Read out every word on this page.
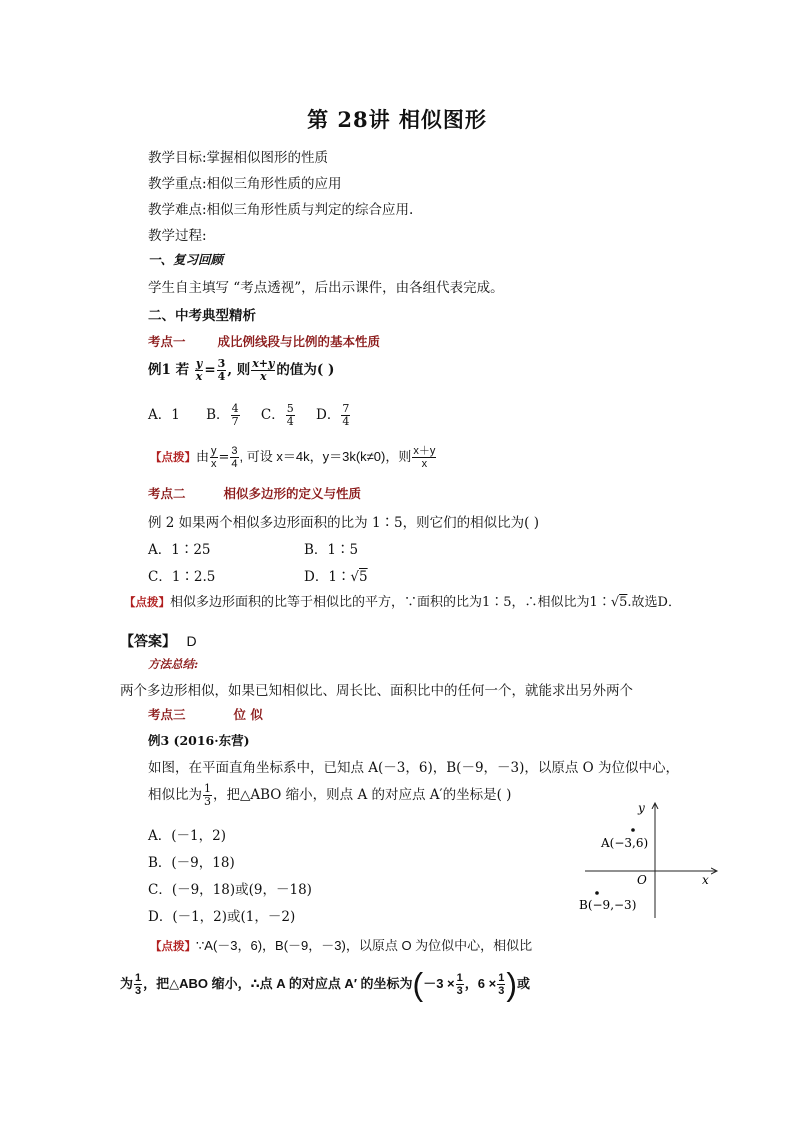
第 28讲 相似图形
教学目标:掌握相似图形的性质
教学重点:相似三角形性质的应用
教学难点:相似三角形性质与判定的综合应用.
教学过程:
一、复习回顾
学生自主填写 “考点透视”，后出示课件，由各组代表完成。
二、中考典型精析
考点一	成比例线段与比例的基本性质
例1 若 $\frac{y}{x} = \frac{3}{4}$ , 则 $\frac{x+y}{x}$ 的值为( )
A．1 B． $\frac{4}{7}$ C． $\frac{5}{4}$ D． $\frac{7}{4}$
【点拨】由 $\frac{y}{x} = \frac{3}{4}$ , 可设 x＝4k，y＝3k(k≠0)，则 $\frac{x+y}{x}$
考点二	相似多边形的定义与性质
例 2 如果两个相似多边形面积的比为 1∶5，则它们的相似比为( )
A．1∶25	B．1∶5
C．1∶2.5	D．1∶√5
【点拨】相似多边形面积的比等于相似比的平方，∵面积的比为1∶5，∴相似比为1∶√5.故选D．
【答案】 D
方法总结:
两个多边形相似，如果已知相似比、周长比、面积比中的任何一个，就能求出另外两个
考点三	位 似
例3 (2016·东营)
如图，在平面直角坐标系中，已知点 A(－3，6)，B(－9，－3)，以原点 O 为位似中心，
相似比为 $\frac{1}{3}$ ，把△ABO 缩小，则点 A 的对应点 A′的坐标是( )
A．(－1，2)
B．(－9，18)
C．(－9，18)或(9，－18)
D．(－1，2)或(1，－2)
y
x
O
A(−3,6)
B(−9,−3)
【点拨】∵A(－3，6)，B(－9，－3)，以原点 O 为位似中心，相似比
为 $\frac{1}{3}$ ，把△ABO 缩小，∴点 A 的对应点 A′ 的坐标为($-3 \times \frac{1}{3}$ ，$6 \times \frac{1}{3}$ )或
